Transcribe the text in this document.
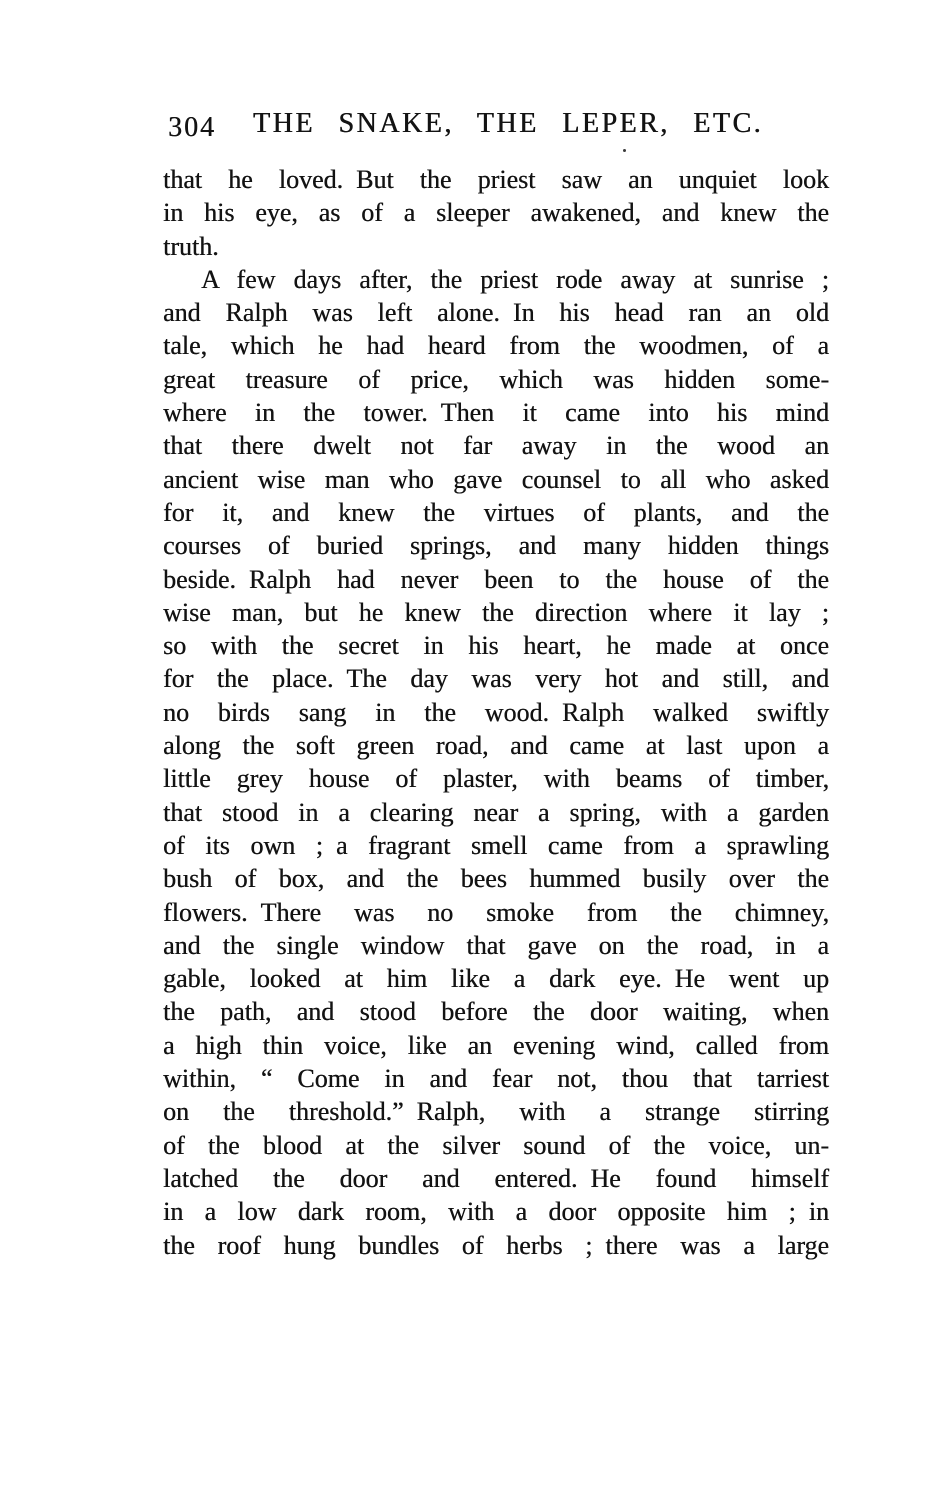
304	THE SNAKE, THE LEPER, ETC.
that he loved. But the priest saw an unquiet look
in his eye, as of a sleeper awakened, and knew the
truth.
A few days after, the priest rode away at sunrise ;
and Ralph was left alone. In his head ran an old
tale, which he had heard from the woodmen, of a
great treasure of price, which was hidden some-
where in the tower. Then it came into his mind
that there dwelt not far away in the wood an
ancient wise man who gave counsel to all who asked
for it, and knew the virtues of plants, and the
courses of buried springs, and many hidden things
beside. Ralph had never been to the house of the
wise man, but he knew the direction where it lay ;
so with the secret in his heart, he made at once
for the place. The day was very hot and still, and
no birds sang in the wood. Ralph walked swiftly
along the soft green road, and came at last upon a
little grey house of plaster, with beams of timber,
that stood in a clearing near a spring, with a garden
of its own ; a fragrant smell came from a sprawling
bush of box, and the bees hummed busily over the
flowers. There was no smoke from the chimney,
and the single window that gave on the road, in a
gable, looked at him like a dark eye. He went up
the path, and stood before the door waiting, when
a high thin voice, like an evening wind, called from
within, “ Come in and fear not, thou that tarriest
on the threshold.” Ralph, with a strange stirring
of the blood at the silver sound of the voice, un-
latched the door and entered. He found himself
in a low dark room, with a door opposite him ; in
the roof hung bundles of herbs ; there was a large
